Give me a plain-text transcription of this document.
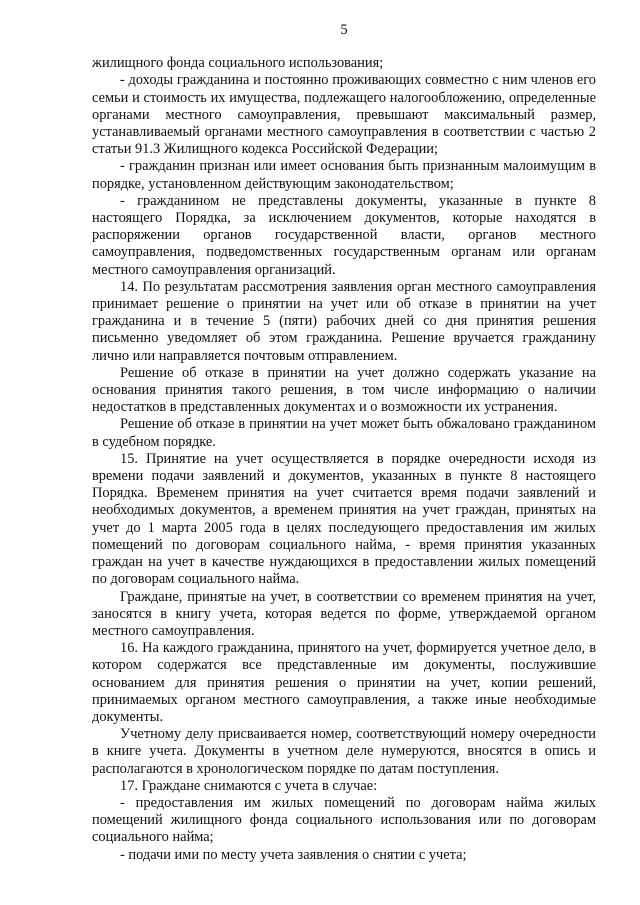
5

жилищного фонда социального использования;

- доходы гражданина и постоянно проживающих совместно с ним членов его семьи и стоимость их имущества, подлежащего налогообложению, определенные органами местного самоуправления, превышают максимальный размер, устанавливаемый органами местного самоуправления в соответствии с частью 2 статьи 91.3 Жилищного кодекса Российской Федерации;

- гражданин признан или имеет основания быть признанным малоимущим в порядке, установленном действующим законодательством;

- гражданином не представлены документы, указанные в пункте 8 настоящего Порядка, за исключением документов, которые находятся в распоряжении органов государственной власти, органов местного самоуправления, подведомственных государственным органам или органам местного самоуправления организаций.

14. По результатам рассмотрения заявления орган местного самоуправления принимает решение о принятии на учет или об отказе в принятии на учет гражданина и в течение 5 (пяти) рабочих дней со дня принятия решения письменно уведомляет об этом гражданина. Решение вручается гражданину лично или направляется почтовым отправлением.

Решение об отказе в принятии на учет должно содержать указание на основания принятия такого решения, в том числе информацию о наличии недостатков в представленных документах и о возможности их устранения.

Решение об отказе в принятии на учет может быть обжаловано гражданином в судебном порядке.

15. Принятие на учет осуществляется в порядке очередности исходя из времени подачи заявлений и документов, указанных в пункте 8 настоящего Порядка. Временем принятия на учет считается время подачи заявлений и необходимых документов, а временем принятия на учет граждан, принятых на учет до 1 марта 2005 года в целях последующего предоставления им жилых помещений по договорам социального найма, - время принятия указанных граждан на учет в качестве нуждающихся в предоставлении жилых помещений по договорам социального найма.

Граждане, принятые на учет, в соответствии со временем принятия на учет, заносятся в книгу учета, которая ведется по форме, утверждаемой органом местного самоуправления.

16. На каждого гражданина, принятого на учет, формируется учетное дело, в котором содержатся все представленные им документы, послужившие основанием для принятия решения о принятии на учет, копии решений, принимаемых органом местного самоуправления, а также иные необходимые документы.

Учетному делу присваивается номер, соответствующий номеру очередности в книге учета. Документы в учетном деле нумеруются, вносятся в опись и располагаются в хронологическом порядке по датам поступления.

17. Граждане снимаются с учета в случае:

- предоставления им жилых помещений по договорам найма жилых помещений жилищного фонда социального использования или по договорам социального найма;

- подачи ими по месту учета заявления о снятии с учета;
